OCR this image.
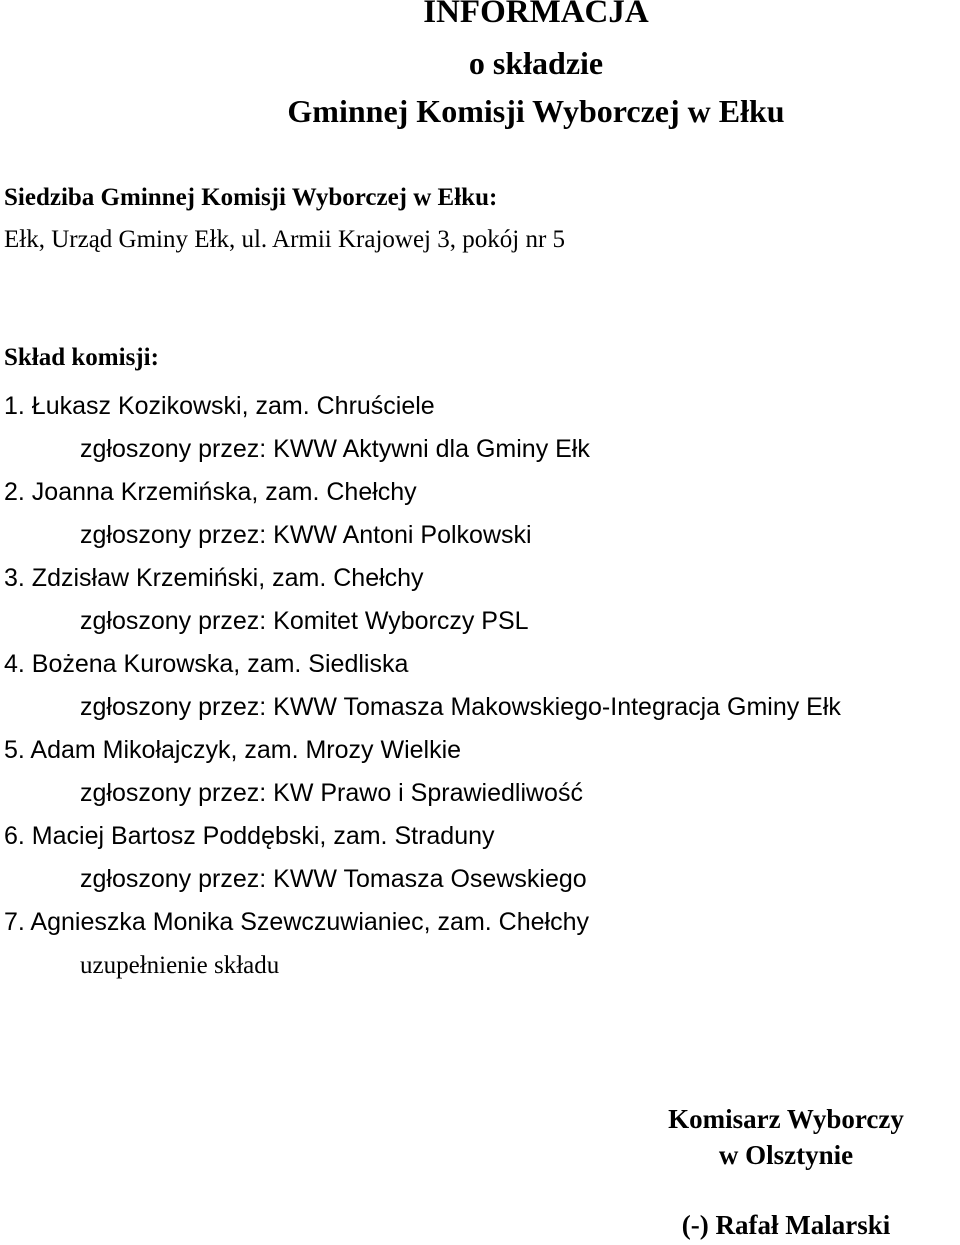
INFORMACJA
o składzie
Gminnej Komisji Wyborczej w Ełku
Siedziba Gminnej Komisji Wyborczej w Ełku:
Ełk, Urząd Gminy Ełk, ul. Armii Krajowej 3, pokój nr 5
Skład komisji:
1. Łukasz Kozikowski, zam. Chruściele
zgłoszony przez: KWW Aktywni dla Gminy Ełk
2. Joanna Krzemińska, zam. Chełchy
zgłoszony przez: KWW Antoni Polkowski
3. Zdzisław Krzemiński, zam. Chełchy
zgłoszony przez: Komitet Wyborczy PSL
4. Bożena Kurowska, zam. Siedliska
zgłoszony przez: KWW Tomasza Makowskiego-Integracja Gminy Ełk
5. Adam Mikołajczyk, zam. Mrozy Wielkie
zgłoszony przez: KW Prawo i Sprawiedliwość
6. Maciej Bartosz Poddębski, zam. Straduny
zgłoszony przez: KWW Tomasza Osewskiego
7. Agnieszka Monika Szewczuwianiec, zam. Chełchy
uzupełnienie składu
Komisarz Wyborczy
w Olsztynie
(-) Rafał Malarski
